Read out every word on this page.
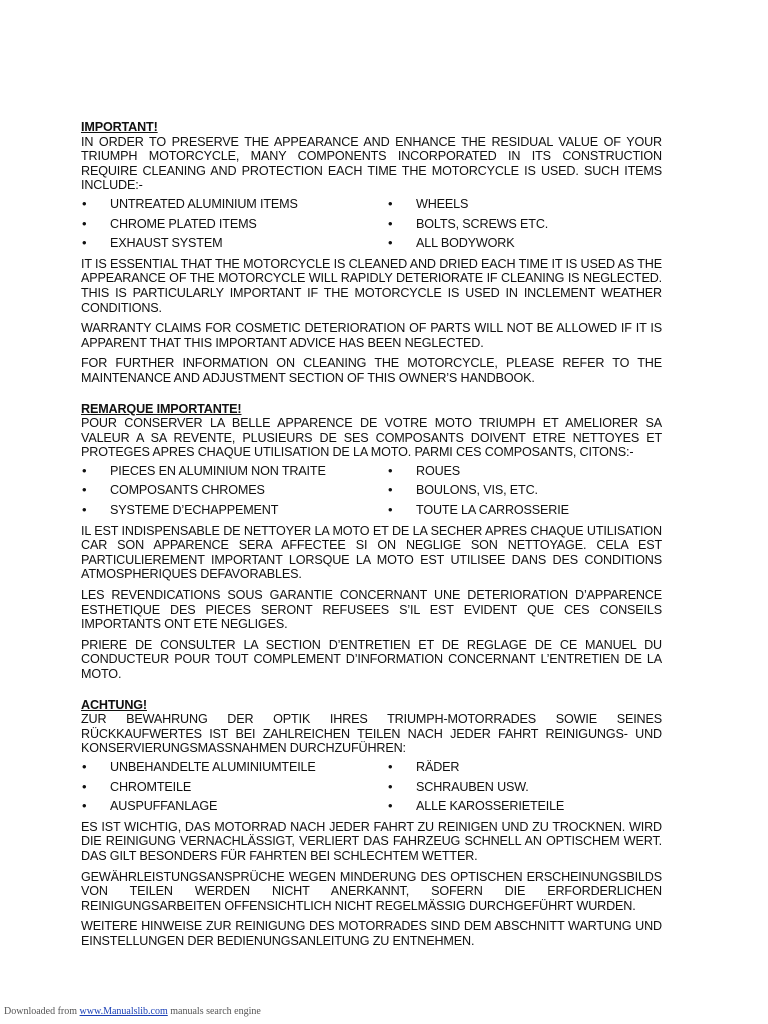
IMPORTANT!

IN ORDER TO PRESERVE THE APPEARANCE AND ENHANCE THE RESIDUAL VALUE OF YOUR TRIUMPH MOTORCYCLE, MANY COMPONENTS INCORPORATED IN ITS CONSTRUCTION REQUIRE CLEANING AND PROTECTION EACH TIME THE MOTORCYCLE IS USED. SUCH ITEMS INCLUDE:-

•	UNTREATED ALUMINIUM ITEMS	•	WHEELS
•	CHROME PLATED ITEMS	•	BOLTS, SCREWS ETC.
•	EXHAUST SYSTEM	•	ALL BODYWORK

IT IS ESSENTIAL THAT THE MOTORCYCLE IS CLEANED AND DRIED EACH TIME IT IS USED AS THE APPEARANCE OF THE MOTORCYCLE WILL RAPIDLY DETERIORATE IF CLEANING IS NEGLECTED. THIS IS PARTICULARLY IMPORTANT IF THE MOTORCYCLE IS USED IN INCLEMENT WEATHER CONDITIONS.

WARRANTY CLAIMS FOR COSMETIC DETERIORATION OF PARTS WILL NOT BE ALLOWED IF IT IS APPARENT THAT THIS IMPORTANT ADVICE HAS BEEN NEGLECTED.

FOR FURTHER INFORMATION ON CLEANING THE MOTORCYCLE, PLEASE REFER TO THE MAINTENANCE AND ADJUSTMENT SECTION OF THIS OWNER’S HANDBOOK.

REMARQUE IMPORTANTE!

POUR CONSERVER LA BELLE APPARENCE DE VOTRE MOTO TRIUMPH ET AMELIORER SA VALEUR A SA REVENTE, PLUSIEURS DE SES COMPOSANTS DOIVENT ETRE NETTOYES ET PROTEGES APRES CHAQUE UTILISATION DE LA MOTO. PARMI CES COMPOSANTS, CITONS:-

•	PIECES EN ALUMINIUM NON TRAITE	•	ROUES
•	COMPOSANTS CHROMES	•	BOULONS, VIS, ETC.
•	SYSTEME D’ECHAPPEMENT	•	TOUTE LA CARROSSERIE

IL EST INDISPENSABLE DE NETTOYER LA MOTO ET DE LA SECHER APRES CHAQUE UTILISATION CAR SON APPARENCE SERA AFFECTEE SI ON NEGLIGE SON NETTOYAGE. CELA EST PARTICULIEREMENT IMPORTANT LORSQUE LA MOTO EST UTILISEE DANS DES CONDITIONS ATMOSPHERIQUES DEFAVORABLES.

LES REVENDICATIONS SOUS GARANTIE CONCERNANT UNE DETERIORATION D’APPARENCE ESTHETIQUE DES PIECES SERONT REFUSEES S’IL EST EVIDENT QUE CES CONSEILS IMPORTANTS ONT ETE NEGLIGES.

PRIERE DE CONSULTER LA SECTION D’ENTRETIEN ET DE REGLAGE DE CE MANUEL DU CONDUCTEUR POUR TOUT COMPLEMENT D’INFORMATION CONCERNANT L’ENTRETIEN DE LA MOTO.

ACHTUNG!

ZUR BEWAHRUNG DER OPTIK IHRES TRIUMPH-MOTORRADES SOWIE SEINES RÜCKKAUFWERTES IST BEI ZAHLREICHEN TEILEN NACH JEDER FAHRT REINIGUNGS- UND KONSERVIERUNGSMASSNAHMEN DURCHZUFÜHREN:

•	UNBEHANDELTE ALUMINIUMTEILE	•	RÄDER
•	CHROMTEILE	•	SCHRAUBEN USW.
•	AUSPUFFANLAGE	•	ALLE KAROSSERIETEILE

ES IST WICHTIG, DAS MOTORRAD NACH JEDER FAHRT ZU REINIGEN UND ZU TROCKNEN. WIRD DIE REINIGUNG VERNACHLÄSSIGT, VERLIERT DAS FAHRZEUG SCHNELL AN OPTISCHEM WERT. DAS GILT BESONDERS FÜR FAHRTEN BEI SCHLECHTEM WETTER.

GEWÄHRLEISTUNGSANSPRÜCHE WEGEN MINDERUNG DES OPTISCHEN ERSCHEINUNGSBILDS VON TEILEN WERDEN NICHT ANERKANNT, SOFERN DIE ERFORDERLICHEN REINIGUNGSARBEITEN OFFENSICHTLICH NICHT REGELMÄSSIG DURCHGEFÜHRT WURDEN.

WEITERE HINWEISE ZUR REINIGUNG DES MOTORRADES SIND DEM ABSCHNITT WARTUNG UND EINSTELLUNGEN DER BEDIENUNGSANLEITUNG ZU ENTNEHMEN.

Downloaded from www.Manualslib.com manuals search engine
